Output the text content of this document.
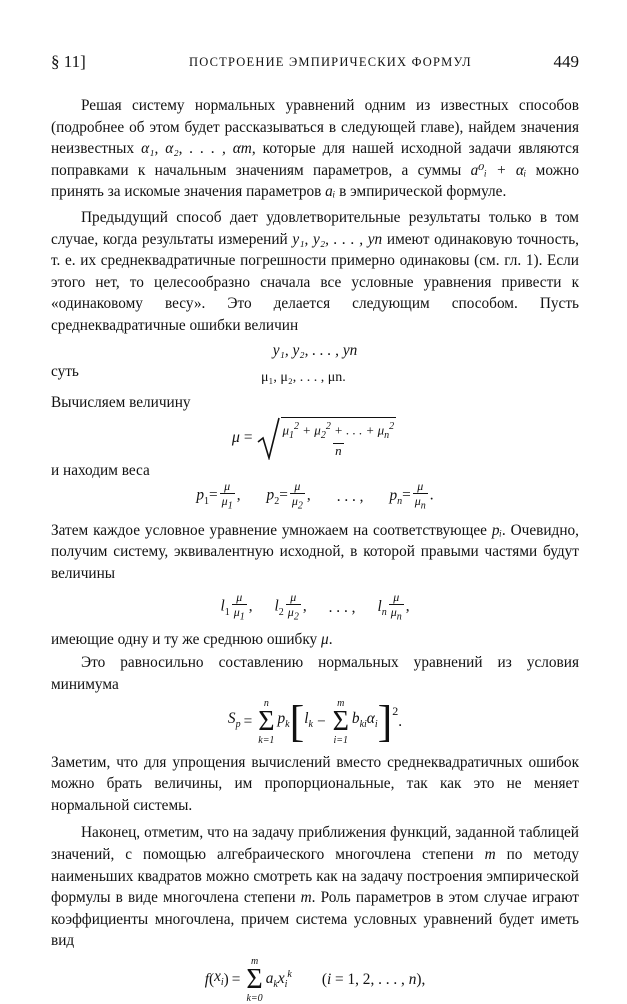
§ 11]	ПОСТРОЕНИЕ ЭМПИРИЧЕСКИХ ФОРМУЛ	449

Решая систему нормальных уравнений одним из известных способов (подробнее об этом будет рассказываться в следующей главе), найдем значения неизвестных α₁, α₂, . . . , αm, которые для нашей исходной задачи являются поправками к начальным значениям параметров, а суммы a⁰ᵢ + αᵢ можно принять за искомые значения параметров aᵢ в эмпирической формуле.

Предыдущий способ дает удовлетворительные результаты только в том случае, когда результаты измерений y₁, y₂, . . . , yn имеют одинаковую точность, т. е. их среднеквадратичные погрешности примерно одинаковы (см. гл. 1). Если этого нет, то целесообразно сначала все условные уравнения привести к «одинаковому весу». Это делается следующим способом. Пусть среднеквадратичные ошибки величин

y₁, y₂, . . . , yn
суть	μ₁, μ₂, . . . , μn.

Вычисляем величину

$\mu = \frac{\mu_1^2 + \mu_2^2 + . . . + \mu_n^2}{n}$

и находим веса

$p_1= \frac{\mu}{\mu_1}$ , $p_2= \frac{\mu}{\mu_2}$ , . . . , $p_n= \frac{\mu}{\mu_n}$ .

Затем каждое условное уравнение умножаем на соответствующее pᵢ. Очевидно, получим систему, эквивалентную исходной, в которой правыми частями будут величины

$l_1 \frac{\mu}{\mu_1}$ , $l_2 \frac{\mu}{\mu_2}$ , . . . , $l_n \frac{\mu}{\mu_n}$ ,

имеющие одну и ту же среднюю ошибку μ.

Это равносильно составлению нормальных уравнений из условия минимума

$S_p$ =
n
Σ
k=1
$p_k$ [ $l_k$ −
m
Σ
i=1
$b_{ki}\alpha_i$ ]$^2$
.

Заметим, что для упрощения вычислений вместо среднеквадратичных ошибок можно брать величины, им пропорциональные, так как это не меняет нормальной системы.

Наконец, отметим, что на задачу приближения функций, заданной таблицей значений, с помощью алгебраического многочлена степени m по методу наименьших квадратов можно смотреть как на задачу построения эмпирической формулы в виде многочлена степени m. Роль параметров в этом случае играют коэффициенты многочлена, причем система условных уравнений будет иметь вид

f ( $x_i$ ) =
m
Σ
k=0
$a_kx_i^k$ (i = 1, 2, . . . , n),
